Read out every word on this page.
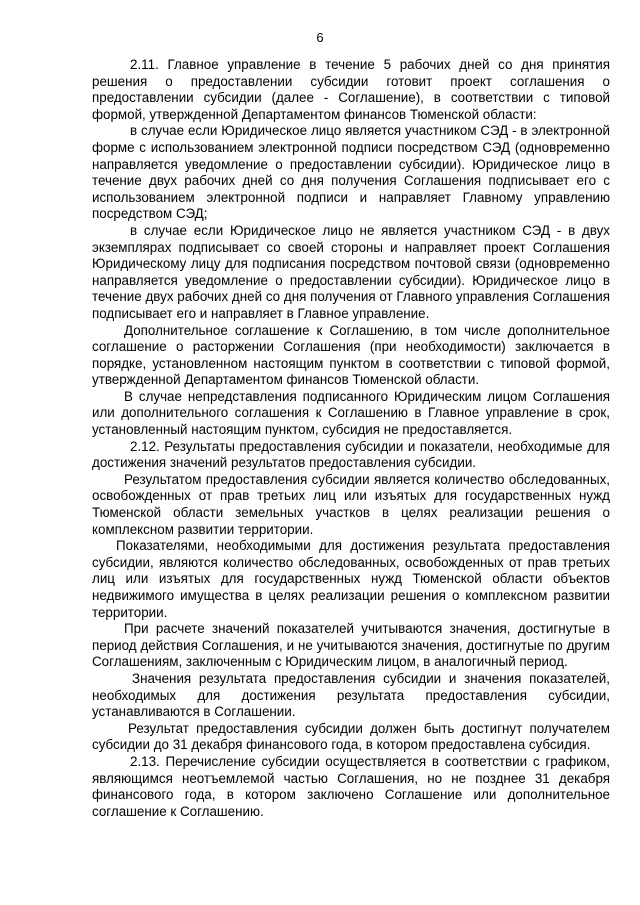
6

2.11. Главное управление в течение 5 рабочих дней со дня принятия решения о предоставлении субсидии готовит проект соглашения о предоставлении субсидии (далее - Соглашение), в соответствии с типовой формой, утвержденной Департаментом финансов Тюменской области:

в случае если Юридическое лицо является участником СЭД - в электронной форме с использованием электронной подписи посредством СЭД (одновременно направляется уведомление о предоставлении субсидии). Юридическое лицо в течение двух рабочих дней со дня получения Соглашения подписывает его с использованием электронной подписи и направляет Главному управлению посредством СЭД;

в случае если Юридическое лицо не является участником СЭД - в двух экземплярах подписывает со своей стороны и направляет проект Соглашения Юридическому лицу для подписания посредством почтовой связи (одновременно направляется уведомление о предоставлении субсидии). Юридическое лицо в течение двух рабочих дней со дня получения от Главного управления Соглашения подписывает его и направляет в Главное управление.

Дополнительное соглашение к Соглашению, в том числе дополнительное соглашение о расторжении Соглашения (при необходимости) заключается в порядке, установленном настоящим пунктом в соответствии с типовой формой, утвержденной Департаментом финансов Тюменской области.

В случае непредставления подписанного Юридическим лицом Соглашения или дополнительного соглашения к Соглашению в Главное управление в срок, установленный настоящим пунктом, субсидия не предоставляется.

2.12. Результаты предоставления субсидии и показатели, необходимые для достижения значений результатов предоставления субсидии.

Результатом предоставления субсидии является количество обследованных, освобожденных от прав третьих лиц или изъятых для государственных нужд Тюменской области земельных участков в целях реализации решения о комплексном развитии территории.

Показателями, необходимыми для достижения результата предоставления субсидии, являются количество обследованных, освобожденных от прав третьих лиц или изъятых для государственных нужд Тюменской области объектов недвижимого имущества в целях реализации решения о комплексном развитии территории.

При расчете значений показателей учитываются значения, достигнутые в период действия Соглашения, и не учитываются значения, достигнутые по другим Соглашениям, заключенным с Юридическим лицом, в аналогичный период.

Значения результата предоставления субсидии и значения показателей, необходимых для достижения результата предоставления субсидии, устанавливаются в Соглашении.

Результат предоставления субсидии должен быть достигнут получателем субсидии до 31 декабря финансового года, в котором предоставлена субсидия.

2.13. Перечисление субсидии осуществляется в соответствии с графиком, являющимся неотъемлемой частью Соглашения, но не позднее 31 декабря финансового года, в котором заключено Соглашение или дополнительное соглашение к Соглашению.
